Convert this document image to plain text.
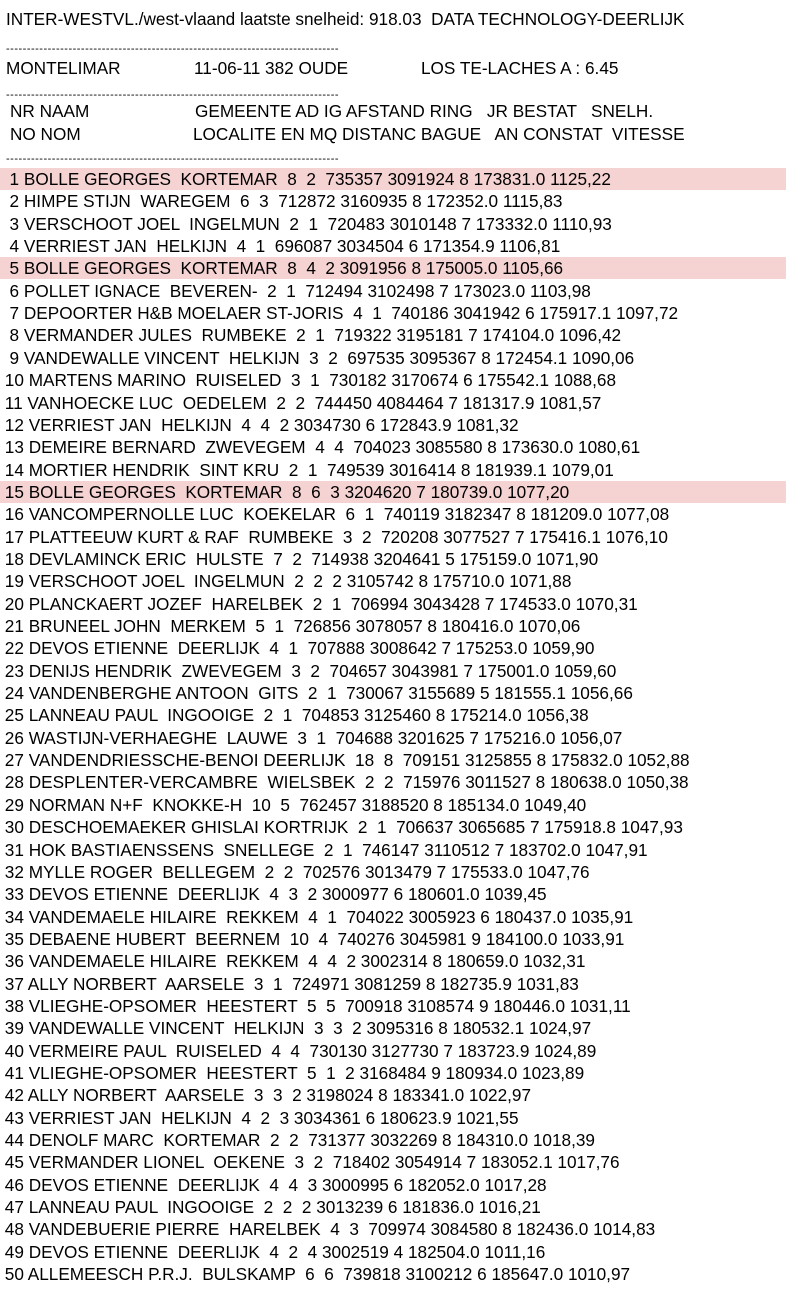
INTER-WESTVL./west-vlaand laatste snelheid: 918.03  DATA TECHNOLOGY-DEERLIJK
--------------------------------------------------------------------------------

MONTELIMAR

	11-06-11 382 OUDE

	LOS TE-LACHES A : 6.45

--------------------------------------------------------------------------------

NR NAAM

	GEMEENTE AD IG AFSTAND RING   JR BESTAT   SNELH.

NO NOM

	LOCALITE EN MQ DISTANC BAGUE   AN CONSTAT  VITESSE

--------------------------------------------------------------------------------
1 BOLLE GEORGES  KORTEMAR  8  2  735357 3091924 8 173831.0 1125,22
2 HIMPE STIJN  WAREGEM  6  3  712872 3160935 8 172352.0 1115,83
3 VERSCHOOT JOEL  INGELMUN  2  1  720483 3010148 7 173332.0 1110,93
4 VERRIEST JAN  HELKIJN  4  1  696087 3034504 6 171354.9 1106,81
5 BOLLE GEORGES  KORTEMAR  8  4  2 3091956 8 175005.0 1105,66
6 POLLET IGNACE  BEVEREN-  2  1  712494 3102498 7 173023.0 1103,98
7 DEPOORTER H&B MOELAER ST-JORIS 4  1  740186 3041942 6 175917.1 1097,72
8 VERMANDER JULES  RUMBEKE  2  1  719322 3195181 7 174104.0 1096,42
9 VANDEWALLE VINCENT  HELKIJN  3  2  697535 3095367 8 172454.1 1090,06
10 MARTENS MARINO  RUISELED  3  1  730182 3170674 6 175542.1 1088,68
11 VANHOECKE LUC  OEDELEM  2  2  744450 4084464 7 181317.9 1081,57
12 VERRIEST JAN  HELKIJN  4  4  2 3034730 6 172843.9 1081,32
13 DEMEIRE BERNARD  ZWEVEGEM  4  4  704023 3085580 8 173630.0 1080,61
14 MORTIER HENDRIK  SINT KRU  2  1  749539 3016414 8 181939.1 1079,01
15 BOLLE GEORGES  KORTEMAR  8  6  3 3204620 7 180739.0 1077,20
16 VANCOMPERNOLLE LUC  KOEKELAR  6  1  740119 3182347 8 181209.0 1077,08
17 PLATTEEUW KURT & RAF  RUMBEKE  3  2  720208 3077527 7 175416.1 1076,10
18 DEVLAMINCK ERIC  HULSTE  7  2  714938 3204641 5 175159.0 1071,90
19 VERSCHOOT JOEL  INGELMUN  2  2  2 3105742 8 175710.0 1071,88
20 PLANCKAERT JOZEF  HARELBEK  2  1  706994 3043428 7 174533.0 1070,31
21 BRUNEEL JOHN  MERKEM  5  1  726856 3078057 8 180416.0 1070,06
22 DEVOS ETIENNE  DEERLIJK  4  1  707888 3008642 7 175253.0 1059,90
23 DENIJS HENDRIK  ZWEVEGEM  3  2  704657 3043981 7 175001.0 1059,60
24 VANDENBERGHE ANTOON  GITS  2  1  730067 3155689 5 181555.1 1056,66
25 LANNEAU PAUL  INGOOIGE  2  1  704853 3125460 8 175214.0 1056,38
26 WASTIJN-VERHAEGHE  LAUWE  3  1  704688 3201625 7 175216.0 1056,07
27 VANDENDRIESSCHE-BENOI DEERLIJK 18  8  709151 3125855 8 175832.0 1052,88
28 DESPLENTER-VERCAMBRE  WIELSBEK  2  2  715976 3011527 8 180638.0 1050,38
29 NORMAN N+F  KNOKKE-H  10  5  762457 3188520 8 185134.0 1049,40
30 DESCHOEMAEKER GHISLAI KORTRIJK 2  1  706637 3065685 7 175918.8 1047,93
31 HOK BASTIAENSSENS  SNELLEGE  2  1  746147 3110512 7 183702.0 1047,91
32 MYLLE ROGER  BELLEGEM  2  2  702576 3013479 7 175533.0 1047,76
33 DEVOS ETIENNE  DEERLIJK  4  3  2 3000977 6 180601.0 1039,45
34 VANDEMAELE HILAIRE  REKKEM  4  1  704022 3005923 6 180437.0 1035,91
35 DEBAENE HUBERT  BEERNEM  10  4  740276 3045981 9 184100.0 1033,91
36 VANDEMAELE HILAIRE  REKKEM  4  4  2 3002314 8 180659.0 1032,31
37 ALLY NORBERT  AARSELE  3  1  724971 3081259 8 182735.9 1031,83
38 VLIEGHE-OPSOMER  HEESTERT  5  5  700918 3108574 9 180446.0 1031,11
39 VANDEWALLE VINCENT  HELKIJN  3  3  2 3095316 8 180532.1 1024,97
40 VERMEIRE PAUL  RUISELED  4  4  730130 3127730 7 183723.9 1024,89
41 VLIEGHE-OPSOMER  HEESTERT  5  1  2 3168484 9 180934.0 1023,89
42 ALLY NORBERT  AARSELE  3  3  2 3198024 8 183341.0 1022,97
43 VERRIEST JAN  HELKIJN  4  2  3 3034361 6 180623.9 1021,55
44 DENOLF MARC  KORTEMAR  2  2  731377 3032269 8 184310.0 1018,39
45 VERMANDER LIONEL  OEKENE  3  2  718402 3054914 7 183052.1 1017,76
46 DEVOS ETIENNE  DEERLIJK  4  4  3 3000995 6 182052.0 1017,28
47 LANNEAU PAUL  INGOOIGE  2  2  2 3013239 6 181836.0 1016,21
48 VANDEBUERIE PIERRE  HARELBEK  4  3  709974 3084580 8 182436.0 1014,83
49 DEVOS ETIENNE  DEERLIJK  4  2  4 3002519 4 182504.0 1011,16
50 ALLEMEESCH P.R.J.  BULSKAMP  6  6  739818 3100212 6 185647.0 1010,97
